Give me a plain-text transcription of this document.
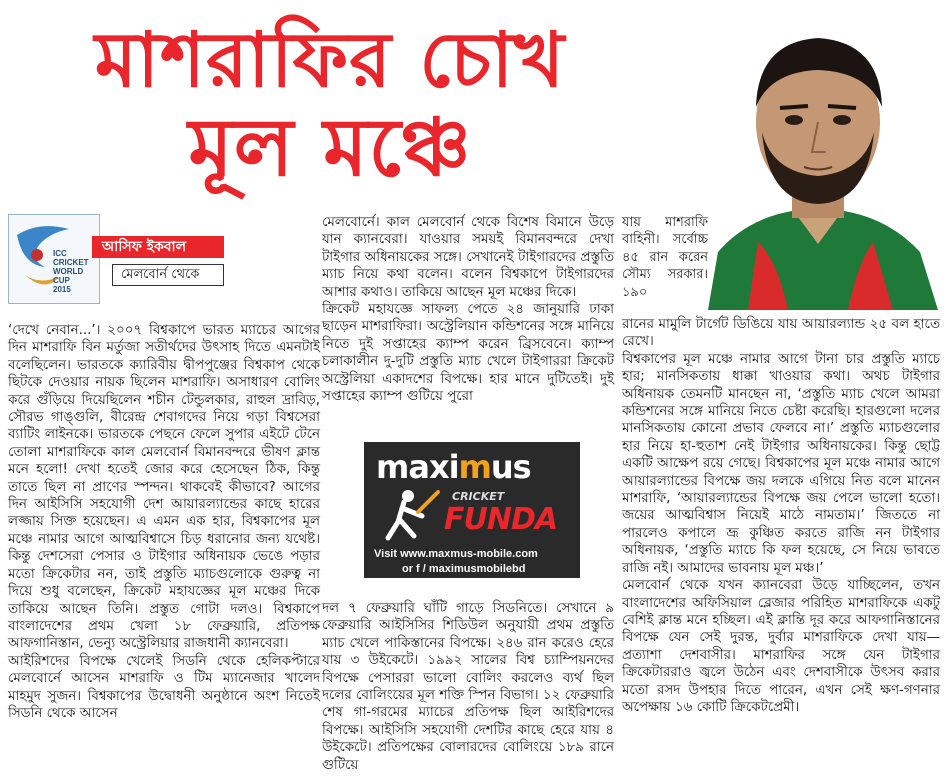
মাশরাফির চোখ
মূল মঞ্চে
ICC
CRICKET
WORLD
CUP
2015
আসিফ ইকবাল
মেলবোর্ন থেকে

‘দেখে নেবান...’। ২০০৭ বিশ্বকাপে ভারত ম্যাচের আগের দিন মাশরাফি বিন মর্তুজা সতীর্থদের উৎসাহ দিতে এমনটাই বলেছিলেন। ভারতকে ক্যারিবীয় দ্বীপপুঞ্জের বিশ্বকাপ থেকে ছিটকে দেওয়ার নায়ক ছিলেন মাশরাফি। অসাধারণ বোলিং করে গুঁড়িয়ে দিয়েছিলেন শচীন টেন্ডুলকার, রাহুল দ্রাবিড়, সৌরভ গাঙ্গুলি, বীরেন্দ্র শেবাগদের নিয়ে গড়া বিশ্বসেরা ব্যাটিং লাইনকে। ভারতকে পেছনে ফেলে সুপার এইটে টেনে তোলা মাশরাফিকে কাল মেলবোর্ন বিমানবন্দরে ভীষণ ক্লান্ত মনে হলো! দেখা হতেই জোর করে হেসেছেন ঠিক, কিন্তু তাতে ছিল না প্রাণের স্পন্দন। থাকবেই কীভাবে? আগের দিন আইসিসি সহযোগী দেশ আয়ারল্যান্ডের কাছে হারের লজ্জায় সিক্ত হয়েছেন। এ এমন এক হার, বিশ্বকাপের মূল মঞ্চে নামার আগে আত্মবিশ্বাসে চিড় ধরানোর জন্য যথেষ্ট। কিন্তু দেশসেরা পেসার ও টাইগার অধিনায়ক ভেঙে পড়ার মতো ক্রিকেটার নন, তাই প্রস্তুতি ম্যাচগুলোকে গুরুত্ব না দিয়ে শুধু বলেছেন, ক্রিকেট মহাযজ্ঞের মূল মঞ্চের দিকে তাকিয়ে আছেন তিনি। প্রস্তুত গোটা দলও। বিশ্বকাপে বাংলাদেশের প্রথম খেলা ১৮ ফেব্রুয়ারি, প্রতিপক্ষ আফগানিস্তান, ভেন্যু অস্ট্রেলিয়ার রাজধানী ক্যানবেরা।

আইরিশদের বিপক্ষে খেলেই সিডনি থেকে হেলিকপ্টারে মেলবোর্নে আসেন মাশরাফি ও টিম ম্যানেজার খালেদ মাহমুদ সুজন। বিশ্বকাপের উদ্বোধনী অনুষ্ঠানে অংশ নিতেই সিডনি থেকে আসেন

মেলবোর্নে। কাল মেলবোর্ন থেকে বিশেষ বিমানে উড়ে যান ক্যানবেরা। যাওয়ার সময়ই বিমানবন্দরে দেখা টাইগার অধিনায়কের সঙ্গে। সেখানেই টাইগারদের প্রস্তুতি ম্যাচ নিয়ে কথা বলেন। বলেন বিশ্বকাপে টাইগারদের আশার কথাও। তাকিয়ে আছেন মূল মঞ্চের দিকে।

ক্রিকেট মহাযজ্ঞে সাফল্য পেতে ২৪ জানুয়ারি ঢাকা ছাড়েন মাশরাফিরা। অস্ট্রেলিয়ান কন্ডিশনের সঙ্গে মানিয়ে নিতে দুই সপ্তাহের ক্যাম্প করেন ব্রিসবেনে। ক্যাম্প চলাকালীন দু-দুটি প্রস্তুতি ম্যাচ খেলে টাইগাররা ক্রিকেট অস্ট্রেলিয়া একাদশের বিপক্ষে। হার মানে দুটিতেই। দুই সপ্তাহের ক্যাম্প গুটিয়ে পুরো

maximus
CRICKET
FUNDA
Visit www.maxmus-mobile.com
or f / maximusmobilebd

দল ৭ ফেব্রুয়ারি ঘাঁটি গাড়ে সিডনিতে। সেখানে ৯ ফেব্রুয়ারি আইসিসির শিডিউল অনুযায়ী প্রথম প্রস্তুতি ম্যাচ খেলে পাকিস্তানের বিপক্ষে। ২৪৬ রান করেও হেরে যায় ৩ উইকেটে। ১৯৯২ সালের বিশ্ব চ্যাম্পিয়নদের বিপক্ষে পেসাররা ভালো বোলিং করলেও ব্যর্থ ছিল দলের বোলিংয়ের মূল শক্তি স্পিন বিভাগ। ১২ ফেব্রুয়ারি শেষ গা-গরমের ম্যাচের প্রতিপক্ষ ছিল আইরিশদের বিপক্ষে। আইসিসি সহযোগী দেশটির কাছে হেরে যায় ৪ উইকেটে। প্রতিপক্ষের বোলারদের বোলিংয়ে ১৮৯ রানে গুটিয়ে

যায় মাশরাফি বাহিনী। সর্বোচ্চ ৪৫ রান করেন সৌম্য সরকার। ১৯০

রানের মামুলি টার্গেট ডিঙিয়ে যায় আয়ারল্যান্ড ২৫ বল হাতে রেখে।

বিশ্বকাপের মূল মঞ্চে নামার আগে টানা চার প্রস্তুতি ম্যাচে হার; মানসিকতায় ধাক্কা খাওয়ার কথা। অথচ টাইগার অধিনায়ক তেমনটি মানছেন না, ‘প্রস্তুতি ম্যাচ খেলে আমরা কন্ডিশনের সঙ্গে মানিয়ে নিতে চেষ্টা করেছি। হারগুলো দলের মানসিকতায় কোনো প্রভাব ফেলবে না।’ প্রস্তুতি ম্যাচগুলোর হার নিয়ে হা-হুতাশ নেই টাইগার অধিনায়কের। কিন্তু ছোট্ট একটি আক্ষেপ রয়ে গেছে। বিশ্বকাপের মূল মঞ্চে নামার আগে আয়ারল্যান্ডের বিপক্ষে জয় দলকে এগিয়ে নিত বলে মানেন মাশরাফি, ‘আয়ারল্যান্ডের বিপক্ষে জয় পেলে ভালো হতো। জয়ের আত্মবিশ্বাস নিয়েই মাঠে নামতাম।’ জিততে না পারলেও কপালে ভ্রূ কুঞ্চিত করতে রাজি নন টাইগার অধিনায়ক, ‘প্রস্তুতি ম্যাচে কি ফল হয়েছে, সে নিয়ে ভাবতে রাজি নই। আমাদের ভাবনায় মূল মঞ্চ।’

মেলবোর্ন থেকে যখন ক্যানবেরা উড়ে যাচ্ছিলেন, তখন বাংলাদেশের অফিসিয়াল ব্লেজার পরিহিত মাশরাফিকে একটু বেশিই ক্লান্ত মনে হচ্ছিল। এই ক্লান্তি দূর করে আফগানিস্তানের বিপক্ষে যেন সেই দুরন্ত, দুর্বার মাশরাফিকে দেখা যায়— প্রত্যাশা দেশবাসীর। মাশরাফির সঙ্গে যেন টাইগার ক্রিকেটাররাও জ্বলে উঠেন এবং দেশবাসীকে উৎসব করার মতো রসদ উপহার দিতে পারেন, এখন সেই ক্ষণ-গণনার অপেক্ষায় ১৬ কোটি ক্রিকেটপ্রেমী।
